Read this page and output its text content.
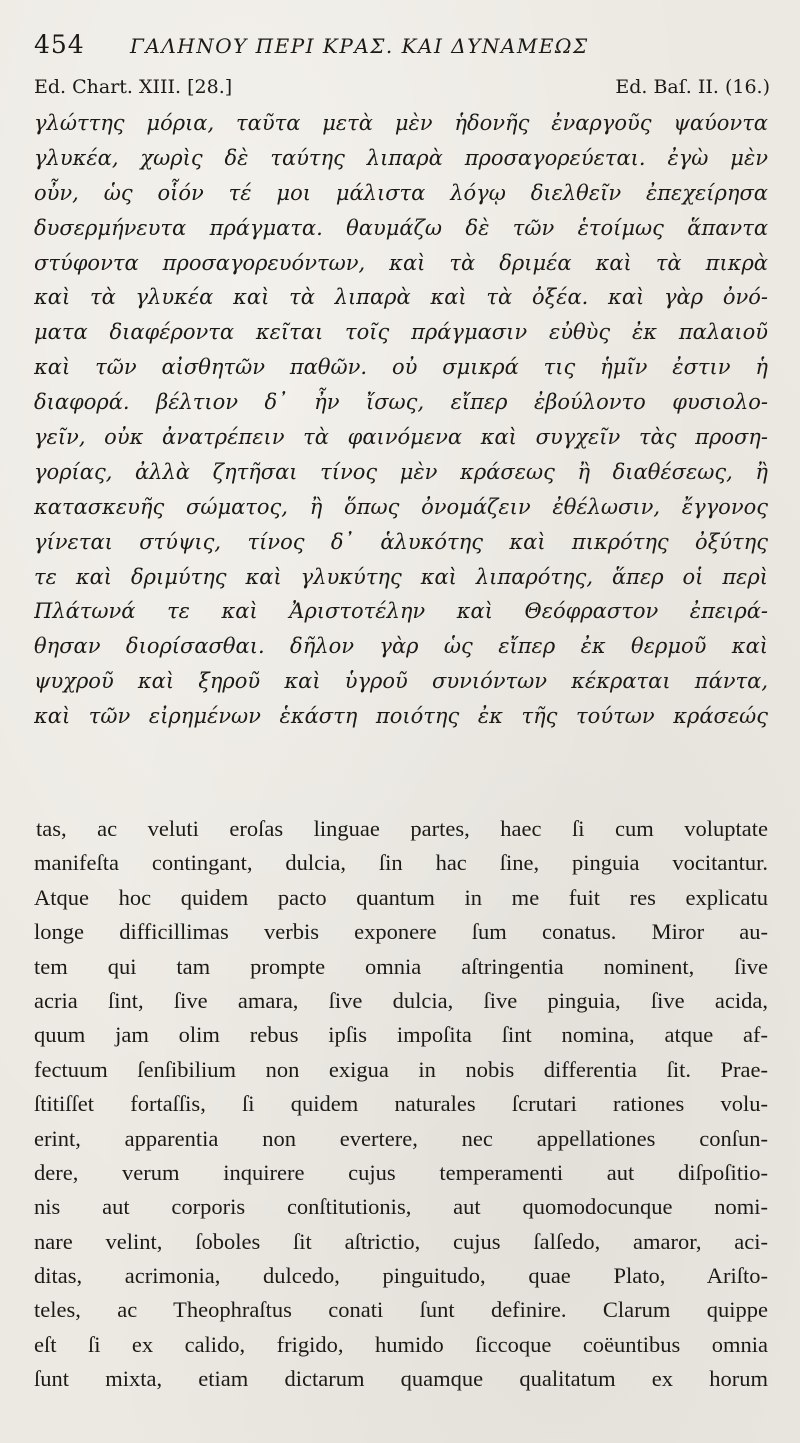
454 ΓΑΛΗΝΟΥ ΠΕΡΙ ΚΡΑΣ. ΚΑΙ ΔΥΝΑΜΕΩΣ
Ed. Chart. XIII. [28.]	Ed. Baſ. II. (16.)
γλώττης μόρια, ταῦτα μετὰ μὲν ἡδονῆς ἐναργοῦς ψαύοντα
γλυκέα, χωρὶς δὲ ταύτης λιπαρὰ προσαγορεύεται. ἐγὼ μὲν
οὖν, ὡς οἷόν τέ μοι μάλιστα λόγῳ διελθεῖν ἐπεχείρησα
δυσερμήνευτα πράγματα. θαυμάζω δὲ τῶν ἑτοίμως ἅπαντα
στύφοντα προσαγορευόντων, καὶ τὰ δριμέα καὶ τὰ πικρὰ
καὶ τὰ γλυκέα καὶ τὰ λιπαρὰ καὶ τὰ ὀξέα. καὶ γὰρ ὀνό-
ματα διαφέροντα κεῖται τοῖς πράγμασιν εὐθὺς ἐκ παλαιοῦ
καὶ τῶν αἰσθητῶν παθῶν. οὐ σμικρά τις ἡμῖν ἐστιν ἡ
διαφορά. βέλτιον δ᾽ ἦν ἴσως, εἴπερ ἐβούλοντο φυσιολο-
γεῖν, οὐκ ἀνατρέπειν τὰ φαινόμενα καὶ συγχεῖν τὰς προση-
γορίας, ἀλλὰ ζητῆσαι τίνος μὲν κράσεως ἢ διαθέσεως, ἢ
κατασκευῆς σώματος, ἢ ὅπως ὀνομάζειν ἐθέλωσιν, ἔγγονος
γίνεται στύψις, τίνος δ᾽ ἁλυκότης καὶ πικρότης ὀξύτης
τε καὶ δριμύτης καὶ γλυκύτης καὶ λιπαρότης, ἅπερ οἱ περὶ
Πλάτωνά τε καὶ Ἀριστοτέλην καὶ Θεόφραστον ἐπειρά-
θησαν διορίσασθαι. δῆλον γὰρ ὡς εἴπερ ἐκ θερμοῦ καὶ
ψυχροῦ καὶ ξηροῦ καὶ ὑγροῦ συνιόντων κέκραται πάντα,
καὶ τῶν εἰρημένων ἑκάστη ποιότης ἐκ τῆς τούτων κράσεώς
tas, ac veluti eroſas linguae partes, haec ſi cum voluptate
manifeſta contingant, dulcia, ſin hac ſine, pinguia vocitantur.
Atque hoc quidem pacto quantum in me fuit res explicatu
longe difficillimas verbis exponere ſum conatus. Miror au-
tem qui tam prompte omnia aſtringentia nominent, ſive
acria ſint, ſive amara, ſive dulcia, ſive pinguia, ſive acida,
quum jam olim rebus ipſis impoſita ſint nomina, atque af-
fectuum ſenſibilium non exigua in nobis differentia ſit. Prae-
ſtitiſſet fortaſſis, ſi quidem naturales ſcrutari rationes volu-
erint, apparentia non evertere, nec appellationes conſun-
dere, verum inquirere cujus temperamenti aut diſpoſitio-
nis aut corporis conſtitutionis, aut quomodocunque nomi-
nare velint, ſoboles ſit aſtrictio, cujus ſalſedo, amaror, aci-
ditas, acrimonia, dulcedo, pinguitudo, quae Plato, Ariſto-
teles, ac Theophraſtus conati ſunt definire. Clarum quippe
eſt ſi ex calido, frigido, humido ſiccoque coëuntibus omnia
ſunt mixta, etiam dictarum quamque qualitatum ex horum
